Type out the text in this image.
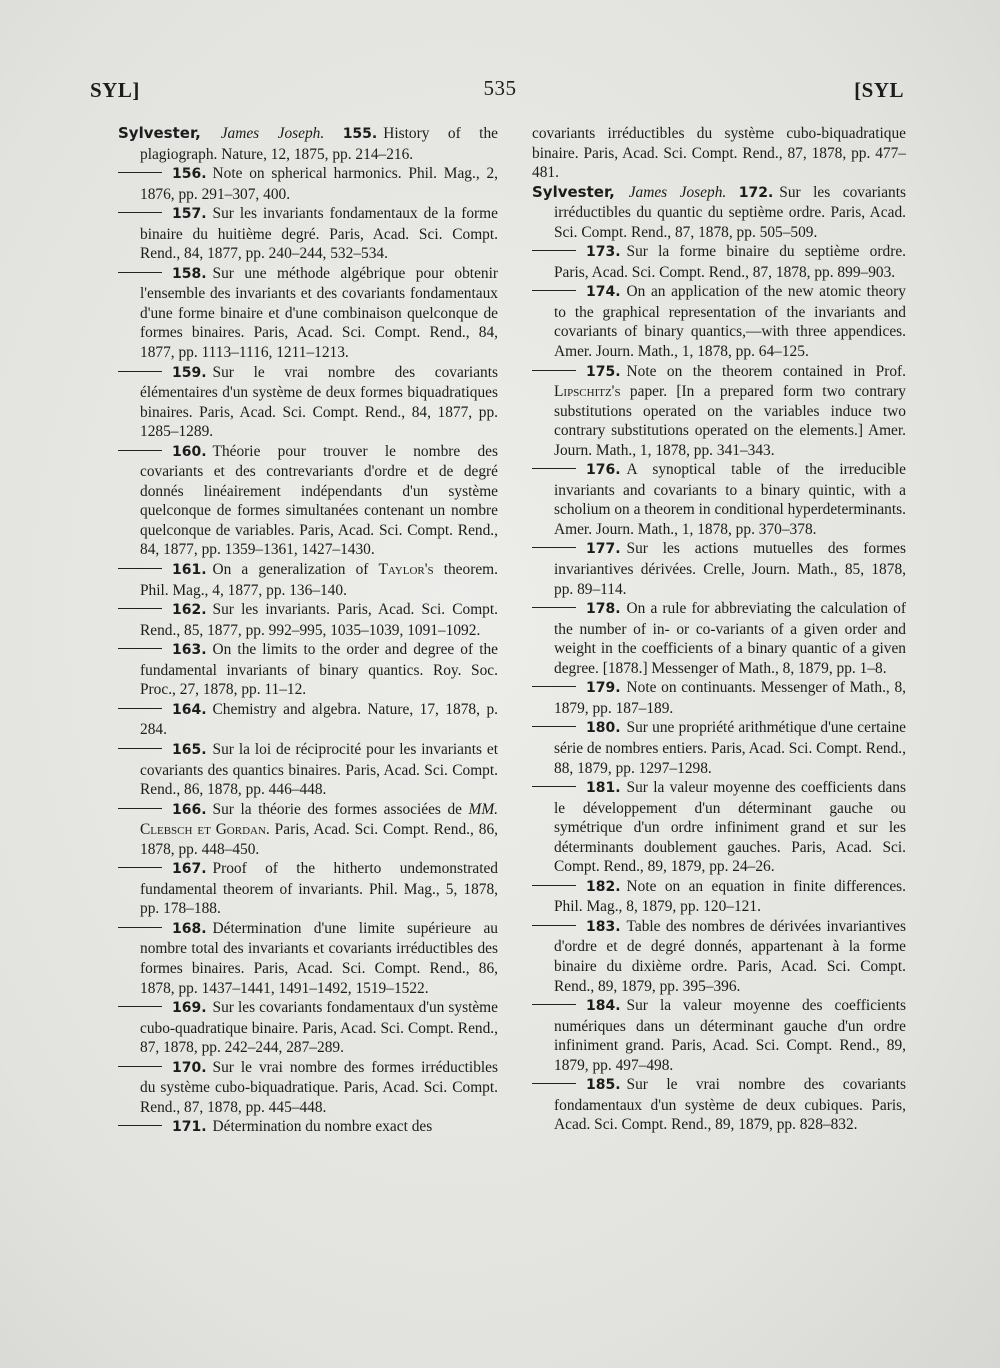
SYL]	535	[SYL

Sylvester, James Joseph. 155. History of the plagiograph. Nature, 12, 1875, pp. 214–216.

156. Note on spherical harmonics. Phil. Mag., 2, 1876, pp. 291–307, 400.

157. Sur les invariants fondamentaux de la forme binaire du huitième degré. Paris, Acad. Sci. Compt. Rend., 84, 1877, pp. 240–244, 532–534.

158. Sur une méthode algébrique pour obtenir l'ensemble des invariants et des covariants fondamentaux d'une forme binaire et d'une combinaison quelconque de formes binaires. Paris, Acad. Sci. Compt. Rend., 84, 1877, pp. 1113–1116, 1211–1213.

159. Sur le vrai nombre des covariants élémentaires d'un système de deux formes biquadratiques binaires. Paris, Acad. Sci. Compt. Rend., 84, 1877, pp. 1285–1289.

160. Théorie pour trouver le nombre des covariants et des contrevariants d'ordre et de degré donnés linéairement indépendants d'un système quelconque de formes simultanées contenant un nombre quelconque de variables. Paris, Acad. Sci. Compt. Rend., 84, 1877, pp. 1359–1361, 1427–1430.

161. On a generalization of Taylor's theorem. Phil. Mag., 4, 1877, pp. 136–140.

162. Sur les invariants. Paris, Acad. Sci. Compt. Rend., 85, 1877, pp. 992–995, 1035–1039, 1091–1092.

163. On the limits to the order and degree of the fundamental invariants of binary quantics. Roy. Soc. Proc., 27, 1878, pp. 11–12.

164. Chemistry and algebra. Nature, 17, 1878, p. 284.

165. Sur la loi de réciprocité pour les invariants et covariants des quantics binaires. Paris, Acad. Sci. Compt. Rend., 86, 1878, pp. 446–448.

166. Sur la théorie des formes associées de MM. Clebsch et Gordan. Paris, Acad. Sci. Compt. Rend., 86, 1878, pp. 448–450.

167. Proof of the hitherto undemonstrated fundamental theorem of invariants. Phil. Mag., 5, 1878, pp. 178–188.

168. Détermination d'une limite supérieure au nombre total des invariants et covariants irréductibles des formes binaires. Paris, Acad. Sci. Compt. Rend., 86, 1878, pp. 1437–1441, 1491–1492, 1519–1522.

169. Sur les covariants fondamentaux d'un système cubo-quadratique binaire. Paris, Acad. Sci. Compt. Rend., 87, 1878, pp. 242–244, 287–289.

170. Sur le vrai nombre des formes irréductibles du système cubo-biquadratique. Paris, Acad. Sci. Compt. Rend., 87, 1878, pp. 445–448.

171. Détermination du nombre exact des

covariants irréductibles du système cubo-biquadratique binaire. Paris, Acad. Sci. Compt. Rend., 87, 1878, pp. 477–481.

Sylvester, James Joseph. 172. Sur les covariants irréductibles du quantic du septième ordre. Paris, Acad. Sci. Compt. Rend., 87, 1878, pp. 505–509.

173. Sur la forme binaire du septième ordre. Paris, Acad. Sci. Compt. Rend., 87, 1878, pp. 899–903.

174. On an application of the new atomic theory to the graphical representation of the invariants and covariants of binary quantics,—with three appendices. Amer. Journ. Math., 1, 1878, pp. 64–125.

175. Note on the theorem contained in Prof. Lipschitz's paper. [In a prepared form two contrary substitutions operated on the variables induce two contrary substitutions operated on the elements.] Amer. Journ. Math., 1, 1878, pp. 341–343.

176. A synoptical table of the irreducible invariants and covariants to a binary quintic, with a scholium on a theorem in conditional hyperdeterminants. Amer. Journ. Math., 1, 1878, pp. 370–378.

177. Sur les actions mutuelles des formes invariantives dérivées. Crelle, Journ. Math., 85, 1878, pp. 89–114.

178. On a rule for abbreviating the calculation of the number of in- or co-variants of a given order and weight in the coefficients of a binary quantic of a given degree. [1878.] Messenger of Math., 8, 1879, pp. 1–8.

179. Note on continuants. Messenger of Math., 8, 1879, pp. 187–189.

180. Sur une propriété arithmétique d'une certaine série de nombres entiers. Paris, Acad. Sci. Compt. Rend., 88, 1879, pp. 1297–1298.

181. Sur la valeur moyenne des coefficients dans le développement d'un déterminant gauche ou symétrique d'un ordre infiniment grand et sur les déterminants doublement gauches. Paris, Acad. Sci. Compt. Rend., 89, 1879, pp. 24–26.

182. Note on an equation in finite differences. Phil. Mag., 8, 1879, pp. 120–121.

183. Table des nombres de dérivées invariantives d'ordre et de degré donnés, appartenant à la forme binaire du dixième ordre. Paris, Acad. Sci. Compt. Rend., 89, 1879, pp. 395–396.

184. Sur la valeur moyenne des coefficients numériques dans un déterminant gauche d'un ordre infiniment grand. Paris, Acad. Sci. Compt. Rend., 89, 1879, pp. 497–498.

185. Sur le vrai nombre des covariants fondamentaux d'un système de deux cubiques. Paris, Acad. Sci. Compt. Rend., 89, 1879, pp. 828–832.
